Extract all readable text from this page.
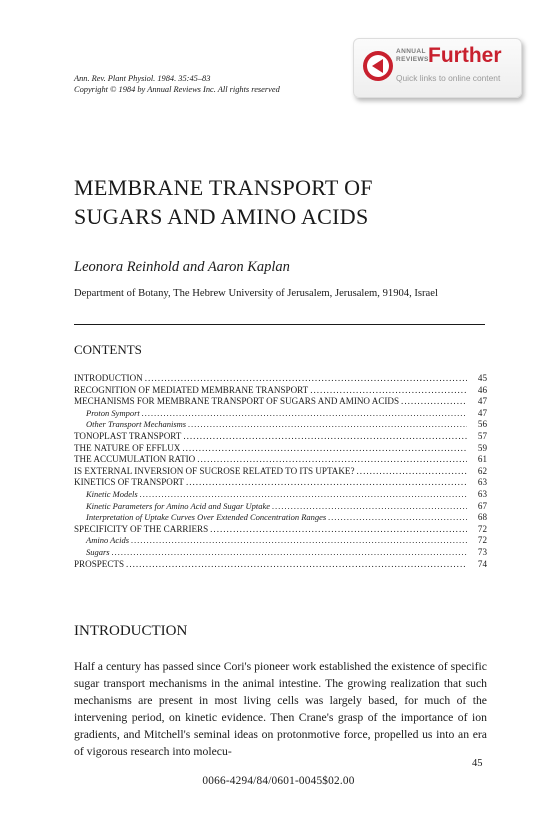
Ann. Rev. Plant Physiol. 1984. 35:45–83
Copyright © 1984 by Annual Reviews Inc. All rights reserved
ANNUAL
REVIEWS Further
Quick links to online content
MEMBRANE TRANSPORT OF
SUGARS AND AMINO ACIDS
Leonora Reinhold and Aaron Kaplan
Department of Botany, The Hebrew University of Jerusalem, Jerusalem, 91904, Israel
CONTENTS
INTRODUCTION .....	45
RECOGNITION OF MEDIATED MEMBRANE TRANSPORT .....	46
MECHANISMS FOR MEMBRANE TRANSPORT OF SUGARS AND AMINO ACIDS .....	47
Proton Symport .....	47
Other Transport Mechanisms .....	56
TONOPLAST TRANSPORT .....	57
THE NATURE OF EFFLUX .....	59
THE ACCUMULATION RATIO .....	61
IS EXTERNAL INVERSION OF SUCROSE RELATED TO ITS UPTAKE? .....	62
KINETICS OF TRANSPORT .....	63
Kinetic Models .....	63
Kinetic Parameters for Amino Acid and Sugar Uptake .....	67
Interpretation of Uptake Curves Over Extended Concentration Ranges .....	68
SPECIFICITY OF THE CARRIERS .....	72
Amino Acids .....	72
Sugars .....	73
PROSPECTS .....	74
INTRODUCTION

Half a century has passed since Cori's pioneer work established the existence of specific sugar transport mechanisms in the animal intestine. The growing realization that such mechanisms are present in most living cells was largely based, for much of the intervening period, on kinetic evidence. Then Crane's grasp of the importance of ion gradients, and Mitchell's seminal ideas on protonmotive force, propelled us into an era of vigorous research into molecu-

45
0066-4294/84/0601-0045$02.00
